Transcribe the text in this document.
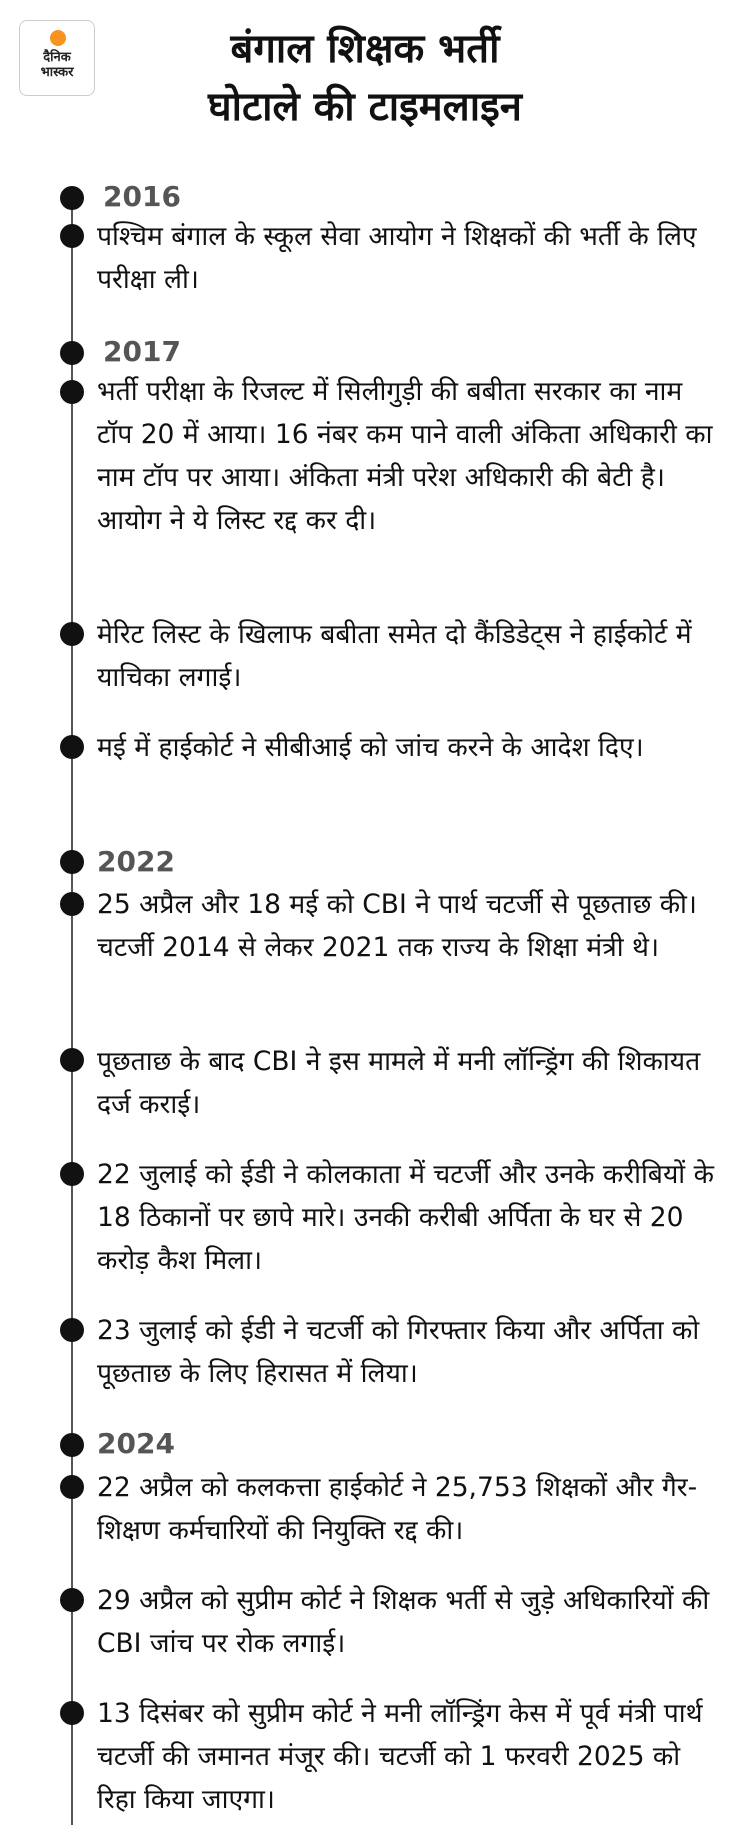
दैनिक
भास्कर
बंगाल शिक्षक भर्ती
घोटाले की टाइमलाइन
2016
पश्चिम बंगाल के स्कूल सेवा आयोग ने शिक्षकों की भर्ती के लिए परीक्षा ली।
2017
भर्ती परीक्षा के रिजल्ट में सिलीगुड़ी की बबीता सरकार का नाम टॉप 20 में आया। 16 नंबर कम पाने वाली अंकिता अधिकारी का नाम टॉप पर आया। अंकिता मंत्री परेश अधिकारी की बेटी है। आयोग ने ये लिस्ट रद्द कर दी।
मेरिट लिस्ट के खिलाफ बबीता समेत दो कैंडिडेट्स ने हाईकोर्ट में याचिका लगाई।
मई में हाईकोर्ट ने सीबीआई को जांच करने के आदेश दिए।
2022
25 अप्रैल और 18 मई को CBI ने पार्थ चटर्जी से पूछताछ की। चटर्जी 2014 से लेकर 2021 तक राज्य के शिक्षा मंत्री थे।
पूछताछ के बाद CBI ने इस मामले में मनी लॉन्ड्रिंग की शिकायत दर्ज कराई।
22 जुलाई को ईडी ने कोलकाता में चटर्जी और उनके करीबियों के 18 ठिकानों पर छापे मारे। उनकी करीबी अर्पिता के घर से 20 करोड़ कैश मिला।
23 जुलाई को ईडी ने चटर्जी को गिरफ्तार किया और अर्पिता को पूछताछ के लिए हिरासत में लिया।
2024
22 अप्रैल को कलकत्ता हाईकोर्ट ने 25,753 शिक्षकों और गैर-शिक्षण कर्मचारियों की नियुक्ति रद्द की।
29 अप्रैल को सुप्रीम कोर्ट ने शिक्षक भर्ती से जुड़े अधिकारियों की CBI जांच पर रोक लगाई।
13 दिसंबर को सुप्रीम कोर्ट ने मनी लॉन्ड्रिंग केस में पूर्व मंत्री पार्थ चटर्जी की जमानत मंजूर की। चटर्जी को 1 फरवरी 2025 को रिहा किया जाएगा।
